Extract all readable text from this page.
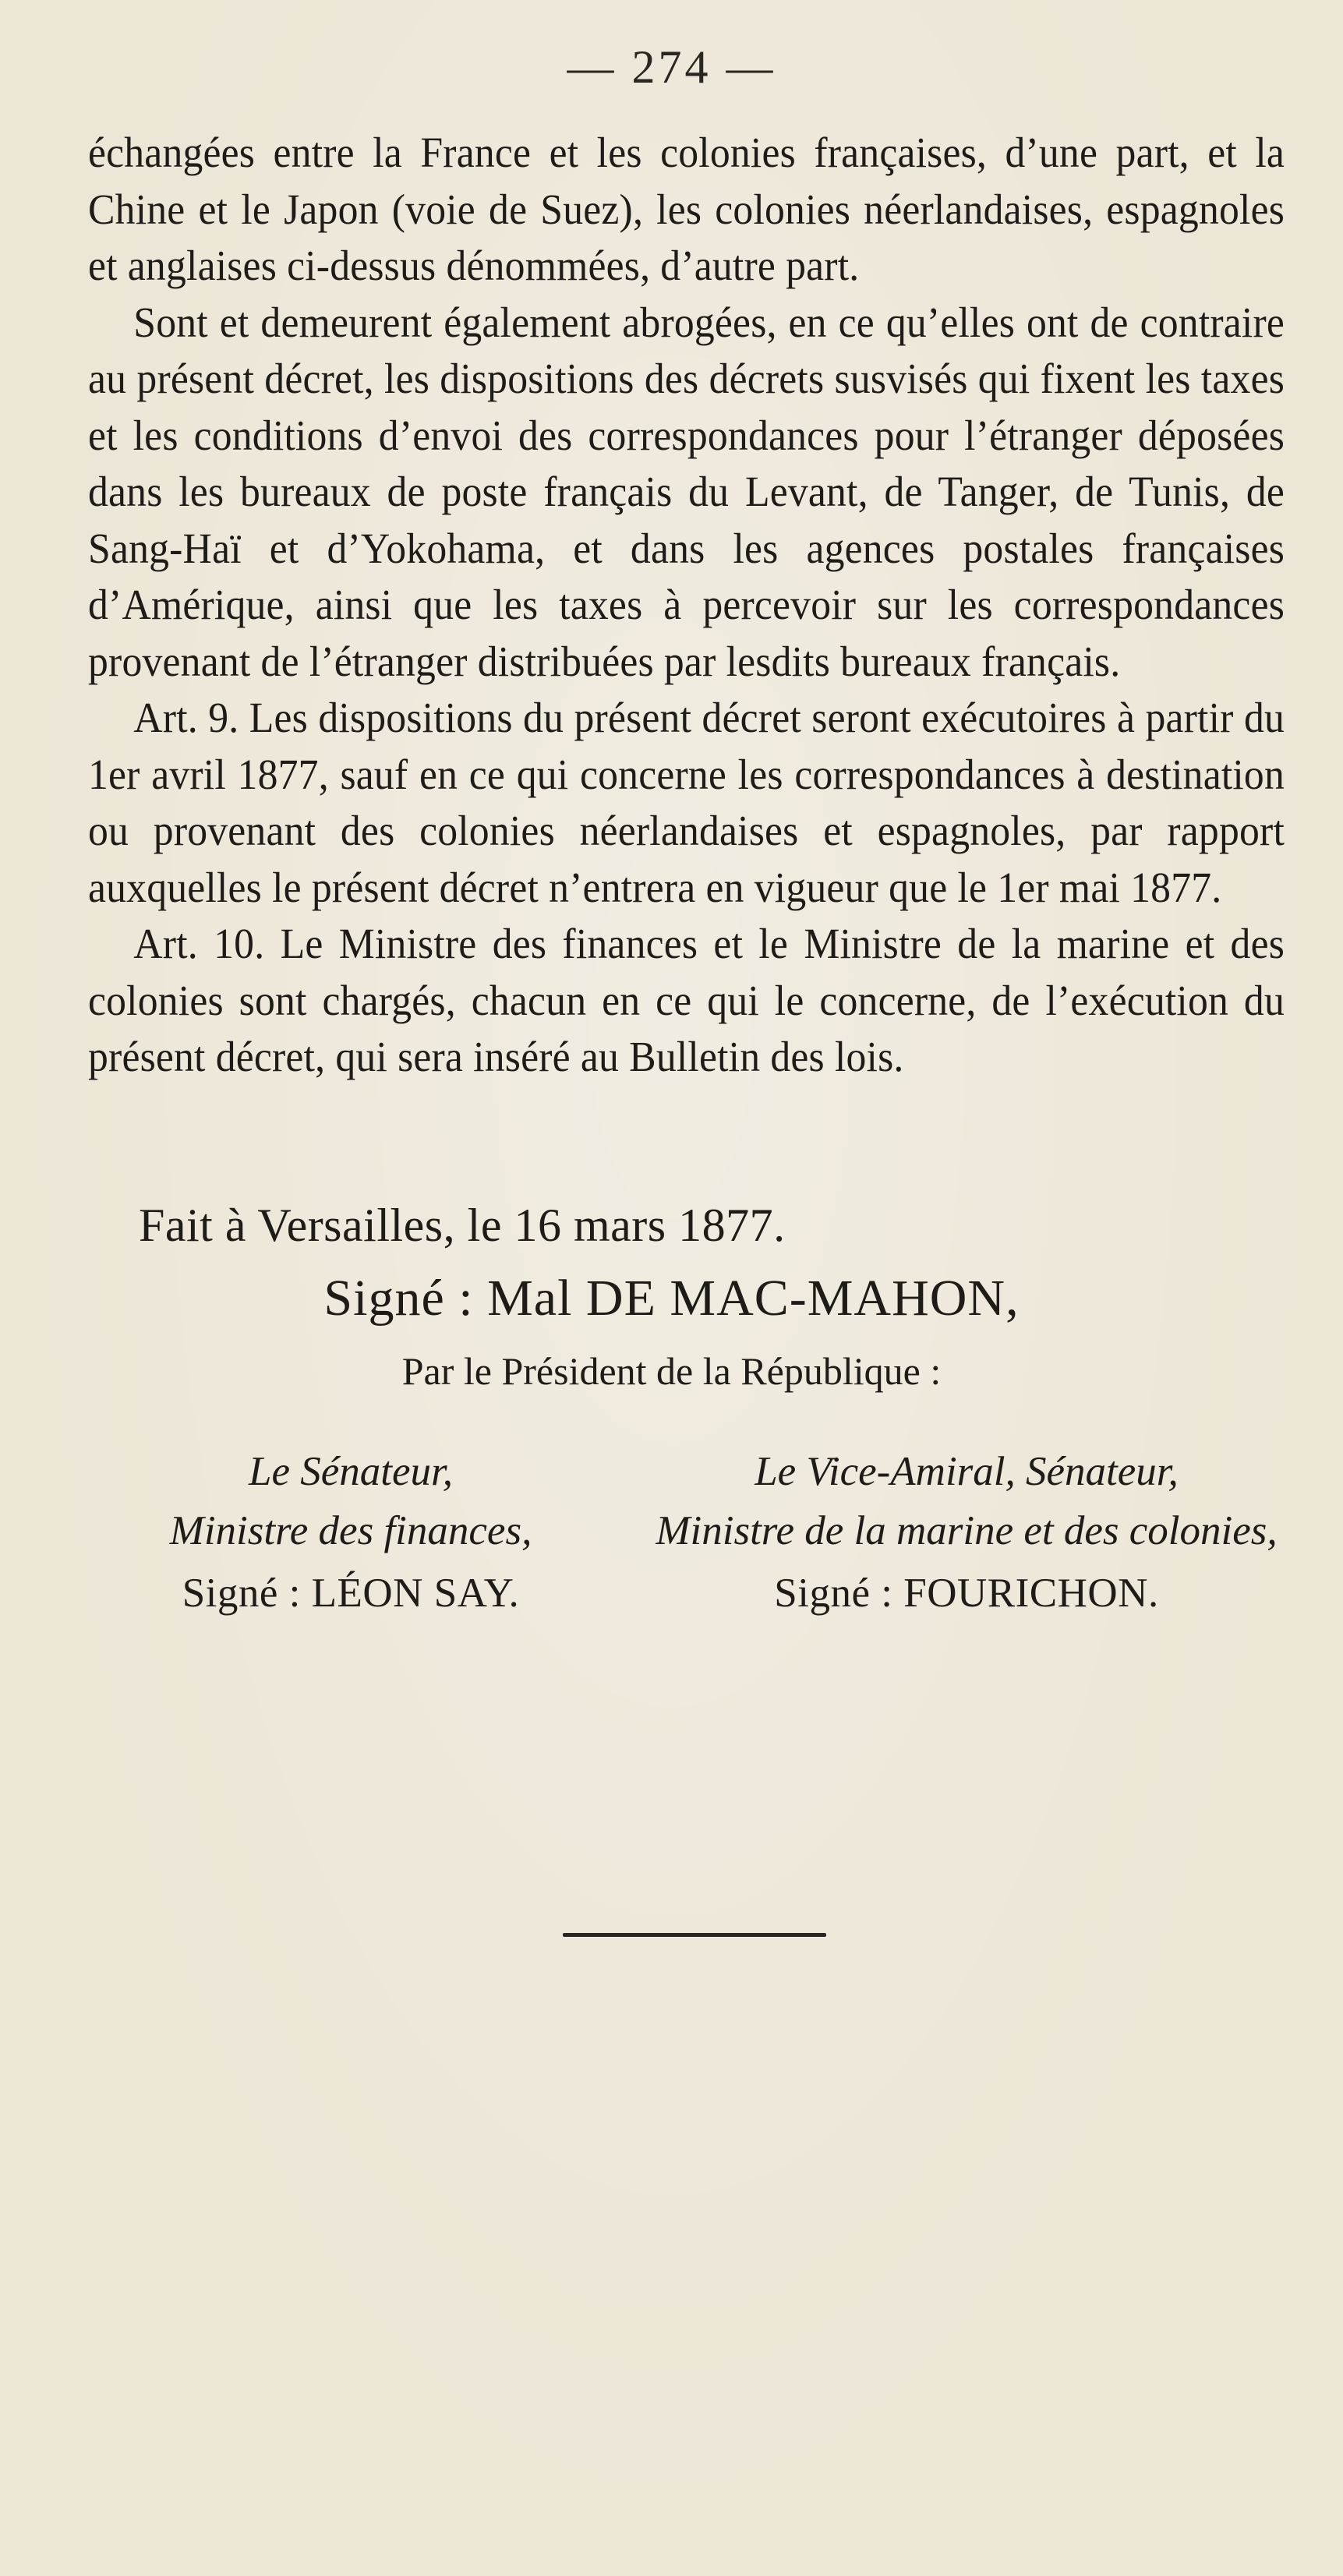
— 274 —

échangées entre la France et les colonies françaises, d’une part, et la Chine et le Japon (voie de Suez), les colonies néerlandaises, espagnoles et anglaises ci-dessus dénommées, d’autre part.

Sont et demeurent également abrogées, en ce qu’elles ont de contraire au présent décret, les dispositions des décrets susvisés qui fixent les taxes et les conditions d’envoi des correspondances pour l’étranger déposées dans les bureaux de poste français du Levant, de Tanger, de Tunis, de Sang-Haï et d’Yokohama, et dans les agences postales françaises d’Amérique, ainsi que les taxes à percevoir sur les correspondances provenant de l’étranger distribuées par lesdits bureaux français.

Art. 9. Les dispositions du présent décret seront exécutoires à partir du 1er avril 1877, sauf en ce qui concerne les correspondances à destination ou provenant des colonies néerlandaises et espagnoles, par rapport auxquelles le présent décret n’entrera en vigueur que le 1er mai 1877.

Art. 10. Le Ministre des finances et le Ministre de la marine et des colonies sont chargés, chacun en ce qui le concerne, de l’exécution du présent décret, qui sera inséré au Bulletin des lois.

Fait à Versailles, le 16 mars 1877.
Signé : Mal DE MAC-MAHON,
Par le Président de la République :
Le Sénateur,
Ministre des finances,
Signé : LÉON SAY.
Le Vice-Amiral, Sénateur,
Ministre de la marine et des colonies,
Signé : FOURICHON.
